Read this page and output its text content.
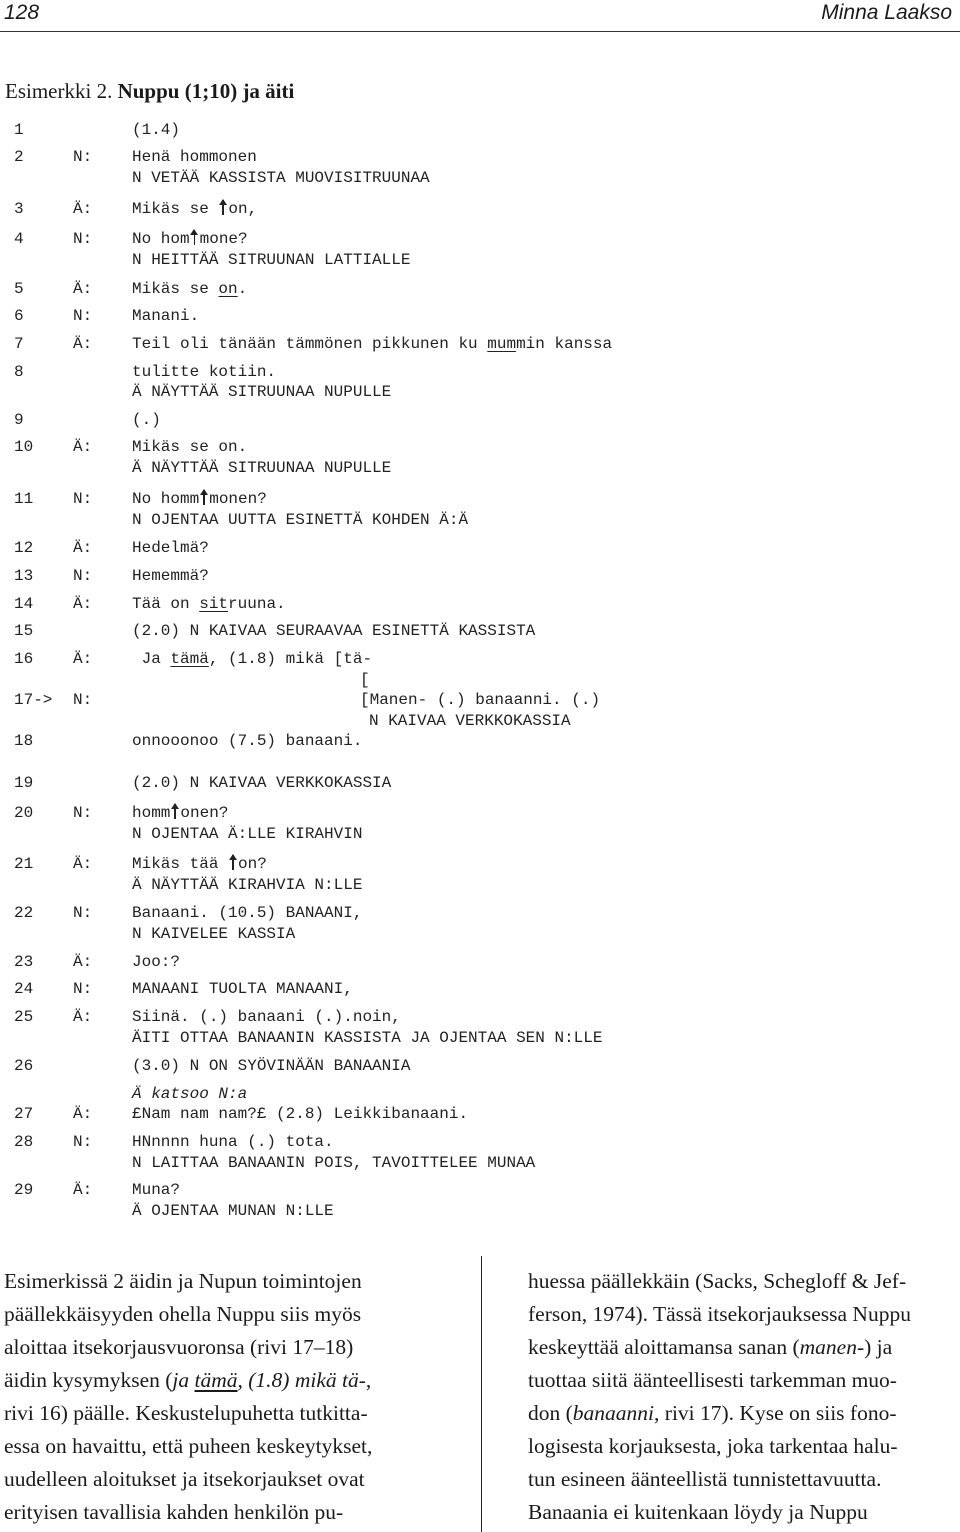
128	Minna Laakso
Esimerkki 2. Nuppu (1;10) ja äiti
1	(1.4)
2	N: Henä hommonen
N VETÄÄ KASSISTA MUOVISITRUUNAA
3	Ä: Mikäs se on,
4	N: No hom mone?
N HEITTÄÄ SITRUUNAN LATTIALLE
5	Ä: Mikäs se on.
6	N: Manani.
7	Ä: Teil oli tänään tämmönen pikkunen ku mummin kanssa
8	tulitte kotiin.
Ä NÄYTTÄÄ SITRUUNAA NUPULLE
9	(.)
10 Ä: Mikäs se on.
Ä NÄYTTÄÄ SITRUUNAA NUPULLE
11 N: No homm monen?
N OJENTAA UUTTA ESINETTÄ KOHDEN Ä:Ä
12 Ä: Hedelmä?
13 N: Hememmä?
14 Ä: Tää on sitruuna.
15	(2.0) N KAIVAA SEURAAVAA ESINETTÄ KASSISTA
16 Ä: Ja tämä, (1.8) mikä [tä-
[
17-> N:	[Manen- (.) banaanni. (.)
N KAIVAA VERKKOKASSIA
18	onnooonoo (7.5) banaani.
19	(2.0) N KAIVAA VERKKOKASSIA
20 N: homm onen?
N OJENTAA Ä:LLE KIRAHVIN
21 Ä: Mikäs tää on?
Ä NÄYTTÄÄ KIRAHVIA N:LLE
22 N: Banaani. (10.5) BANAANI,
N KAIVELEE KASSIA
23 Ä: Joo:?
24 N: MANAANI TUOLTA MANAANI,
25 Ä: Siinä. (.) banaani (.).noin,
ÄITI OTTAA BANAANIN KASSISTA JA OJENTAA SEN N:LLE
26	(3.0) N ON SYÖVINÄÄN BANAANIA
Ä katsoo N:a
27 Ä: £Nam nam nam?£ (2.8) Leikkibanaani.
28 N: HNnnnn huna (.) tota.
N LAITTAA BANAANIN POIS, TAVOITTELEE MUNAA
29 Ä: Muna?
Ä OJENTAA MUNAN N:LLE
Esimerkissä 2 äidin ja Nupun toimintojen
päällekkäisyyden ohella Nuppu siis myös
aloittaa itsekorjausvuoronsa (rivi 17–18)
äidin kysymyksen (ja tämä, (1.8) mikä tä-,
rivi 16) päälle. Keskustelupuhetta tutkitta-
essa on havaittu, että puheen keskeytykset,
uudelleen aloitukset ja itsekorjaukset ovat
erityisen tavallisia kahden henkilön pu-
huessa päällekkäin (Sacks, Schegloff & Jef-
ferson, 1974). Tässä itsekorjauksessa Nuppu
keskeyttää aloittamansa sanan (manen-) ja
tuottaa siitä äänteellisesti tarkemman muo-
don (banaanni, rivi 17). Kyse on siis fono-
logisesta korjauksesta, joka tarkentaa halu-
tun esineen äänteellistä tunnistettavuutta.
Banaania ei kuitenkaan löydy ja Nuppu
